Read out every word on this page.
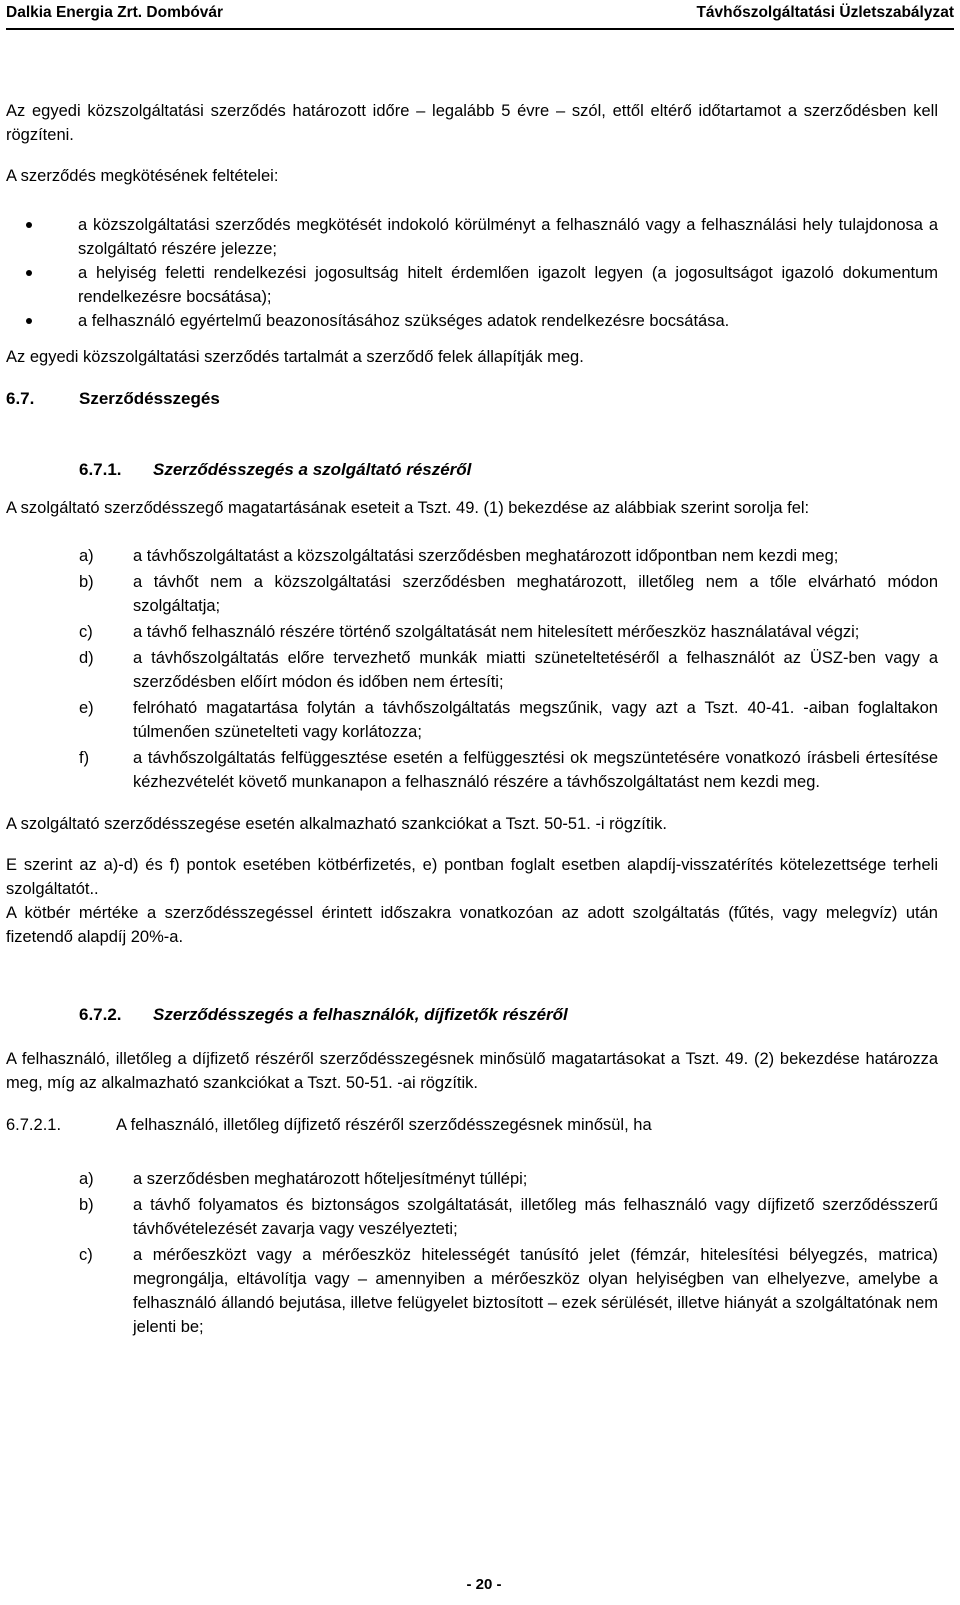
Dalkia Energia Zrt. Dombóvár	Távhőszolgáltatási Üzletszabályzat

Az egyedi közszolgáltatási szerződés határozott időre – legalább 5 évre – szól, ettől eltérő időtartamot a szerződésben kell rögzíteni.

A szerződés megkötésének feltételei:

a közszolgáltatási szerződés megkötését indokoló körülményt a felhasználó vagy a felhasználási hely tulajdonosa a szolgáltató részére jelezze;
a helyiség feletti rendelkezési jogosultság hitelt érdemlően igazolt legyen (a jogosultságot igazoló dokumentum rendelkezésre bocsátása);
a felhasználó egyértelmű beazonosításához szükséges adatok rendelkezésre bocsátása.

Az egyedi közszolgáltatási szerződés tartalmát a szerződő felek állapítják meg.

6.7.	Szerződésszegés
6.7.1. Szerződésszegés a szolgáltató részéről

A szolgáltató szerződésszegő magatartásának eseteit a Tszt. 49. (1) bekezdése az alábbiak szerint sorolja fel:

a) a távhőszolgáltatást a közszolgáltatási szerződésben meghatározott időpontban nem kezdi meg;
b) a távhőt nem a közszolgáltatási szerződésben meghatározott, illetőleg nem a tőle elvárható módon szolgáltatja;
c) a távhő felhasználó részére történő szolgáltatását nem hitelesített mérőeszköz használatával végzi;
d) a távhőszolgáltatás előre tervezhető munkák miatti szüneteltetéséről a felhasználót az ÜSZ-ben vagy a szerződésben előírt módon és időben nem értesíti;
e) felróható magatartása folytán a távhőszolgáltatás megszűnik, vagy azt a Tszt. 40-41. -aiban foglaltakon túlmenően szünetelteti vagy korlátozza;
f)	a távhőszolgáltatás felfüggesztése esetén a felfüggesztési ok megszüntetésére vonatkozó írásbeli értesítése kézhezvételét követő munkanapon a felhasználó részére a távhőszolgáltatást nem kezdi meg.

A szolgáltató szerződésszegése esetén alkalmazható szankciókat a Tszt. 50-51. -i rögzítik.

E szerint az a)-d) és f) pontok esetében kötbérfizetés, e) pontban foglalt esetben alapdíj-visszatérítés kötelezettsége terheli szolgáltatót..

A kötbér mértéke a szerződésszegéssel érintett időszakra vonatkozóan az adott szolgáltatás (fűtés, vagy melegvíz) után fizetendő alapdíj 20%-a.

6.7.2. Szerződésszegés a felhasználók, díjfizetők részéről

A felhasználó, illetőleg a díjfizető részéről szerződésszegésnek minősülő magatartásokat a Tszt. 49. (2) bekezdése határozza meg, míg az alkalmazható szankciókat a Tszt. 50-51. -ai rögzítik.

6.7.2.1.	A felhasználó, illetőleg díjfizető részéről szerződésszegésnek minősül, ha
a) a szerződésben meghatározott hőteljesítményt túllépi;
b) a távhő folyamatos és biztonságos szolgáltatását, illetőleg más felhasználó vagy díjfizető szerződésszerű távhővételezését zavarja vagy veszélyezteti;
c) a mérőeszközt vagy a mérőeszköz hitelességét tanúsító jelet (fémzár, hitelesítési bélyegzés, matrica) megrongálja, eltávolítja vagy – amennyiben a mérőeszköz olyan helyiségben van elhelyezve, amelybe a felhasználó állandó bejutása, illetve felügyelet biztosított – ezek sérülését, illetve hiányát a szolgáltatónak nem jelenti be;
- 20 -
